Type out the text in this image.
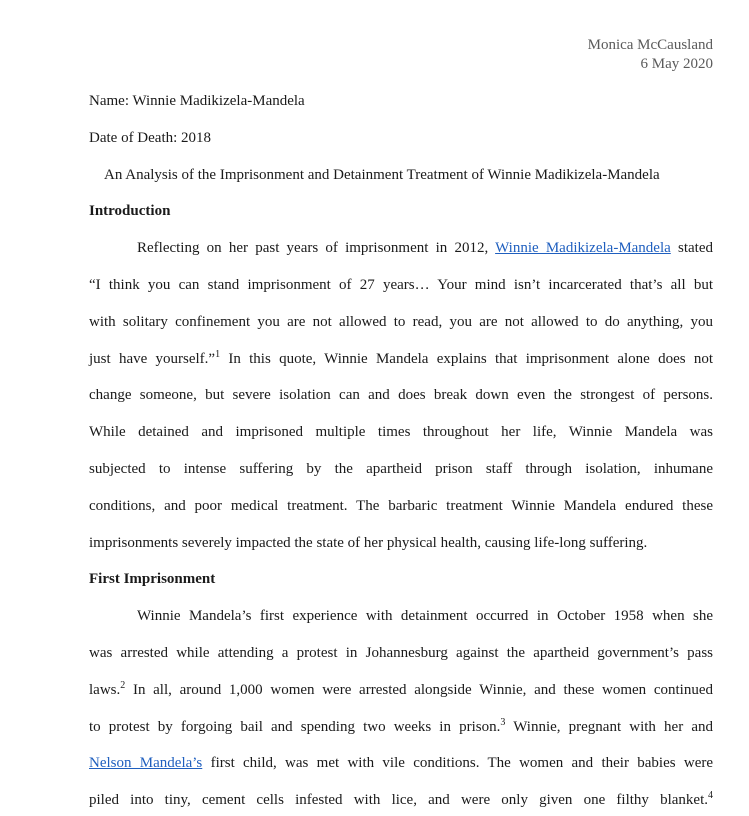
Monica McCausland
6 May 2020
Name: Winnie Madikizela-Mandela
Date of Death: 2018
An Analysis of the Imprisonment and Detainment Treatment of Winnie Madikizela-Mandela
Introduction
Reflecting on her past years of imprisonment in 2012, Winnie Madikizela-Mandela stated
“I think you can stand imprisonment of 27 years… Your mind isn’t incarcerated that’s all but
with solitary confinement you are not allowed to read, you are not allowed to do anything, you
just have yourself.”$^1$ In this quote, Winnie Mandela explains that imprisonment alone does not
change someone, but severe isolation can and does break down even the strongest of persons.
While detained and imprisoned multiple times throughout her life, Winnie Mandela was
subjected to intense suffering by the apartheid prison staff through isolation, inhumane
conditions, and poor medical treatment. The barbaric treatment Winnie Mandela endured these
imprisonments severely impacted the state of her physical health, causing life-long suffering.
First Imprisonment
Winnie Mandela’s first experience with detainment occurred in October 1958 when she
was arrested while attending a protest in Johannesburg against the apartheid government’s pass
laws.$^2$ In all, around 1,000 women were arrested alongside Winnie, and these women continued
to protest by forgoing bail and spending two weeks in prison.$^3$ Winnie, pregnant with her and
Nelson Mandela’s first child, was met with vile conditions. The women and their babies were
piled into tiny, cement cells infested with lice, and were only given one filthy blanket.$^4$
